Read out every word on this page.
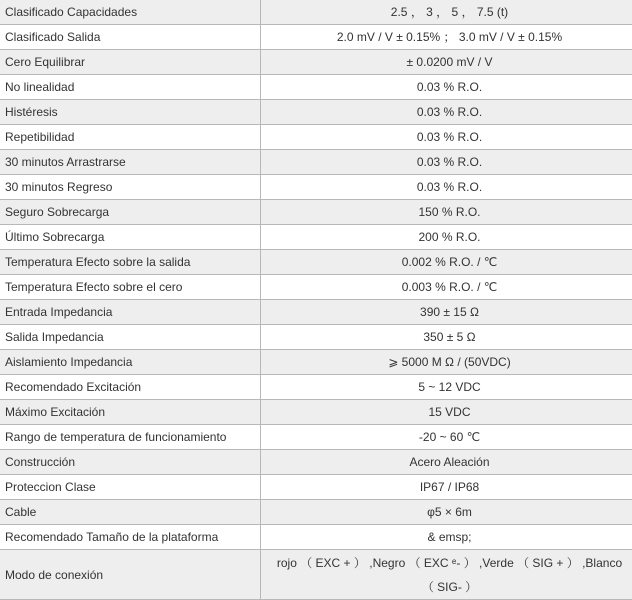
Clasificado Capacidades	2.5 ， 3 ， 5 ， 7.5 (t)
Clasificado Salida	2.0 mV / V ± 0.15% ； 3.0 mV / V ± 0.15%
Cero Equilibrar	± 0.0200 mV / V
No linealidad	0.03 % R.O.
Histéresis	0.03 % R.O.
Repetibilidad	0.03 % R.O.
30 minutos Arrastrarse	0.03 % R.O.
30 minutos Regreso	0.03 % R.O.
Seguro Sobrecarga	150 % R.O.
Último Sobrecarga	200 % R.O.
Temperatura Efecto sobre la salida	0.002 % R.O. / ℃
Temperatura Efecto sobre el cero	0.003 % R.O. / ℃
Entrada Impedancia	390 ± 15 Ω
Salida Impedancia	350 ± 5 Ω
Aislamiento Impedancia	⩾ 5000 M Ω / (50VDC)
Recomendado Excitación	5 ~ 12 VDC
Máximo Excitación	15 VDC
Rango de temperatura de funcionamiento	-20 ~ 60 ℃
Construcción	Acero Aleación
Proteccion Clase	IP67 / IP68
Cable	φ5 × 6m
Recomendado Tamaño de la plataforma	& emsp;
Modo de conexión	rojo （ EXC + ） ,Negro （ EXC ᵉ- ） ,Verde （ SIG + ） ,Blanco
（ SIG- ）
